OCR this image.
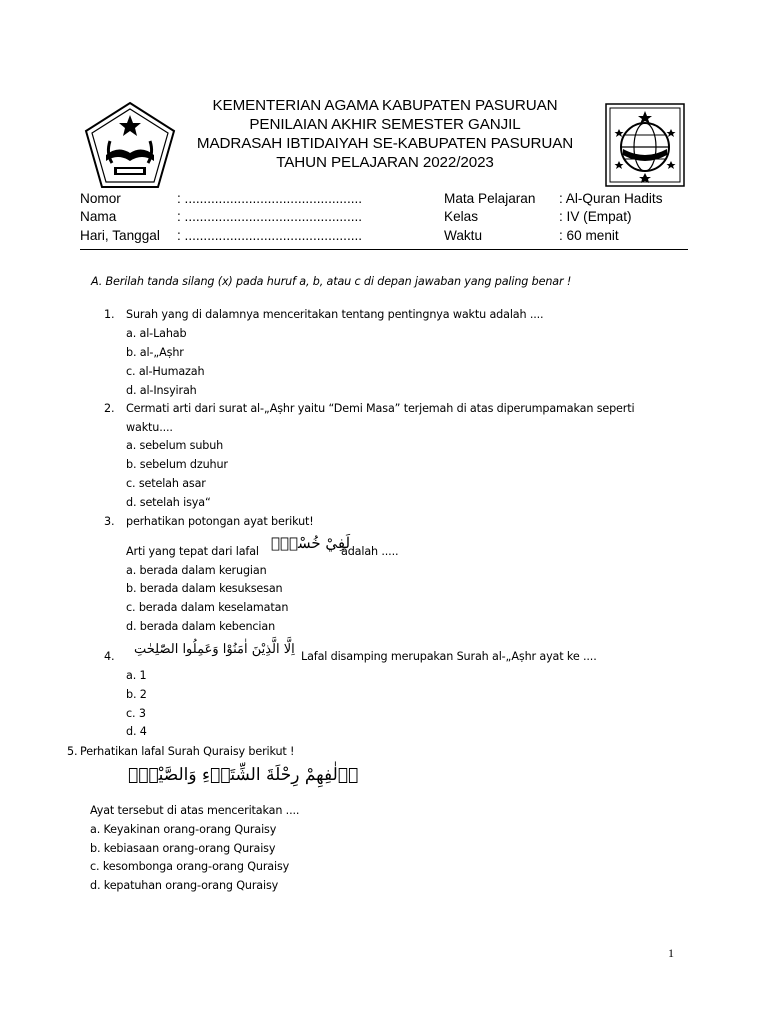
KEMENTERIAN AGAMA KABUPATEN PASURUAN
PENILAIAN AKHIR SEMESTER GANJIL
MADRASAH IBTIDAIYAH SE-KABUPATEN PASURUAN
TAHUN PELAJARAN 2022/2023
Nomor	: ...............................................	Mata Pelajaran : Al-Quran Hadits
Nama	: ...............................................	Kelas	: IV (Empat)
Hari, Tanggal : ...............................................	Waktu	: 60 menit
A. Berilah tanda silang (x) pada huruf a, b, atau c di depan jawaban yang paling benar !
1. Surah yang di dalamnya menceritakan tentang pentingnya waktu adalah ....
a. al-Lahab
b. al-„Aṣhr
c. al-Humazah
d. al-Insyirah
2. Cermati arti dari surat al-„Aṣhr yaitu “Demi Masa” terjemah di atas diperumpamakan seperti
waktu....
a. sebelum subuh
b. sebelum dzuhur
c. setelah asar
d. setelah isya“
3. perhatikan potongan ayat berikut!
Arti yang tepat dari lafal لَفِيْ خُسْرٍۙ
adalah .....
a. berada dalam kerugian
b. berada dalam kesuksesan
c. berada dalam keselamatan
d. berada dalam kebencian
4. اِلَّا الَّذِيْنَ اٰمَنُوْا وَعَمِلُوا الصّٰلِحٰتِ Lafal disamping merupakan Surah al-„Aṣhr ayat ke ....
a. 1
b. 2
c. 3
d. 4
5. Perhatikan lafal Surah Quraisy berikut !
اٖلٰفِهِمْ رِحْلَةَ الشِّتَاۤءِ وَالصَّيْفِۚ
Ayat tersebut di atas menceritakan ....
a. Keyakinan orang-orang Quraisy
b. kebiasaan orang-orang Quraisy
c. kesombonga orang-orang Quraisy
d. kepatuhan orang-orang Quraisy
1
